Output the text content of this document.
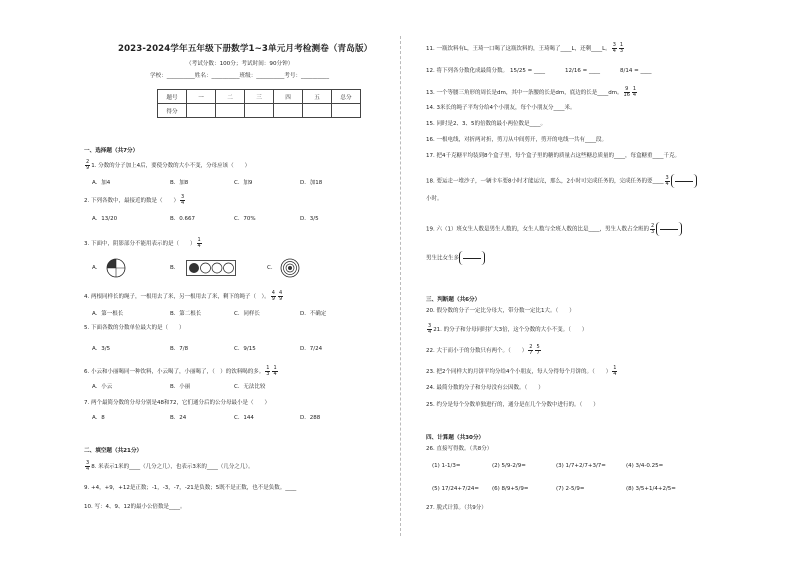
2023-2024学年五年级下册数学1~3单元月考检测卷（青岛版）
（考试分数：100分；考试时间：90分钟）
学校：__________姓名：__________班级：__________考号：__________
题号	一	二	三	四	五	总分
得分						
一、选择题（共7分）
$\frac{2}{9} 1$. 分数的分子加上4后，要使分数的大小不变，分母应该（　　）
A．加4	B．加8	C．加9	D．加18
2. 下列各数中，最接近的数是（　　） $\frac{3}{4}$
A．13/20	B．0.667	C．70%	D．3/5
3. 下面中，阴影部分不能用表示的是（　　） $\frac{1}{4}$
A．	B．	C．
4. 两根同样长的绳子，一根用去了米，另一根用去了米，剩下的绳子（　）。 $\frac{4}{9} \frac{4}{9}$
A．第一根长	B．第二根长	C．同样长	D．不确定
5. 下面各数的分数单位最大的是（　　）
A．3/5	B．7/8	C．9/15	D．7/24
6. 小云和小丽喝同一种饮料，小云喝了，小丽喝了，（　）的饮料喝的多。 $\frac{1}{3} \frac{1}{4}$
A．小云	B．小丽	C．无法比较
7. 两个最简分数的分母分别是48和72，它们通分后的公分母最小是（　　）
A．8	B．24	C．144	D．288
二、填空题（共21分）
$\frac{3}{4} 8$. 米表示1米的____（几分之几），也表示3米的____（几分之几）。
9. +4，+9，+12是正数；-1，-3，-7，-21是负数；5既不是正数，也不是负数。____
10. 写：4、9、12的最小公倍数是____。
11. 一瓶饮料有L，王琦一口喝了这瓶饮料的，王琦喝了____L，还剩____L。 $\frac{3}{4} \frac{1}{3}$
12. 将下列各分数化成最简分数。 15/25 = ____	12/16 = ____	8/14 = ____
13. 一个等腰三角形的周长是dm，其中一条腰的长是dm，底边的长是____dm。 $\frac{9}{16} \frac{1}{4}$
14. 3米长的绳子平均分给4个小朋友，每个小朋友分____米。
15. 同时是2、3、5的倍数的最小两位数是____。
16. 一根电线，对折两对折，剪刀从中间剪开，剪开的电线一共有____段。
17. 把4千克糖平均装到8个盒子里，每个盒子里的糖的质量占这些糖总质量的____，每盒糖重____千克。
18. 要运走一堆沙子，一辆卡车要8小时才能运完，那么，2小时可完成任务的，完成任务的要____ $\frac{3}{4}$
小时。
19. 六（1）班女生人数是男生人数的，女生人数与全班人数的比是____，男生人数占全班的 $\frac{2}{3}$
男生比女生多
三、判断题（共6分）
20. 假分数的分子一定比分母大，带分数一定比1大。（　　）
$\frac{3}{4} 21$. 的分子和分母同时扩大3倍，这个分数的大小不变。（　　）
22. 大于而小于的分数只有两个。（　　） $\frac{2}{7} \frac{5}{7}$
23. 把2个同样大的月饼平均分给4个小朋友，每人分得每个月饼的。（　　） $\frac{1}{4}$
24. 最简分数的分子和分母没有公因数。（　　）
25. 约分是每个分数单独进行的，通分是在几个分数中进行的。（　　）
四、计算题（共30分）
26. 直接写得数。（共8分）
(1) 1-1/3=	(2) 5/9-2/9=	(3) 1/7+2/7+3/7=	(4) 3/4-0.25=
(5) 17/24+7/24= (6) 8/9+5/9=	(7) 2-5/9=	(8) 3/5+1/4+2/5=
27. 脱式计算。（共9分）
